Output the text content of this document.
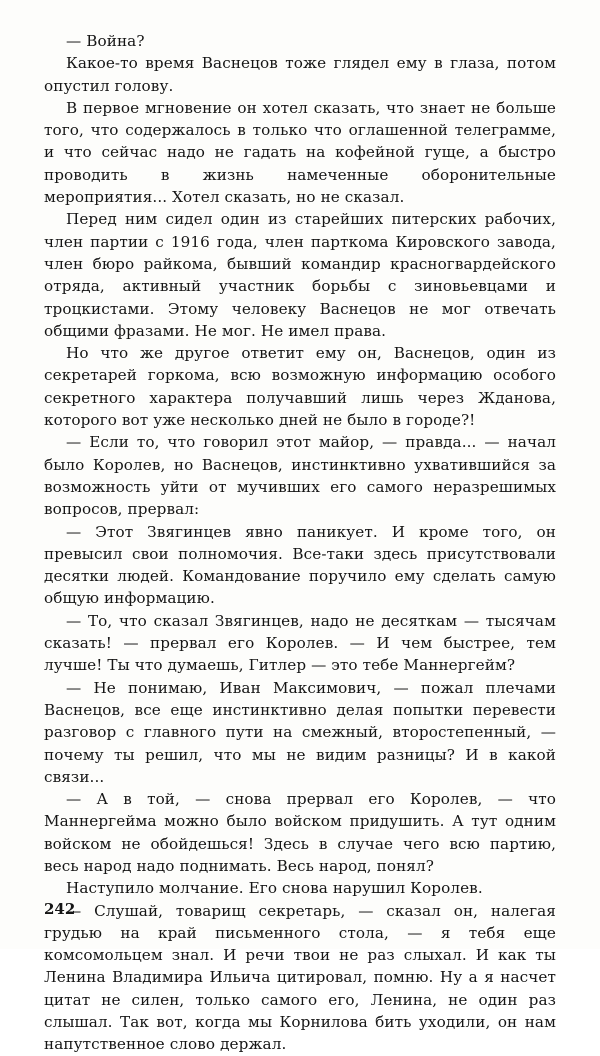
— Война?

Какое-то время Васнецов тоже глядел ему в глаза, потом опустил голову.

В первое мгновение он хотел сказать, что знает не больше того, что содержалось в только что оглашенной телеграмме, и что сейчас надо не гадать на кофейной гуще, а быстро проводить в жизнь намеченные оборонительные мероприятия... Хотел сказать, но не сказал.

Перед ним сидел один из старейших питерских рабочих, член партии с 1916 года, член парткома Кировского завода, член бюро райкома, бывший командир красногвардейского отряда, активный участник борьбы с зиновьевцами и троцкистами. Этому человеку Васнецов не мог отвечать общими фразами. Не мог. Не имел права.

Но что же другое ответит ему он, Васнецов, один из секретарей горкома, всю возможную информацию особого секретного характера получавший лишь через Жданова, которого вот уже несколько дней не было в городе?!

— Если то, что говорил этот майор, — правда... — начал было Королев, но Васнецов, инстинктивно ухватившийся за возможность уйти от мучивших его самого неразрешимых вопросов, прервал:

— Этот Звягинцев явно паникует. И кроме того, он превысил свои полномочия. Все-таки здесь присутствовали десятки людей. Командование поручило ему сделать самую общую информацию.

— То, что сказал Звягинцев, надо не десяткам — тысячам сказать! — прервал его Королев. — И чем быстрее, тем лучше! Ты что думаешь, Гитлер — это тебе Маннергейм?

— Не понимаю, Иван Максимович, — пожал плечами Васнецов, все еще инстинктивно делая попытки перевести разговор с главного пути на смежный, второстепенный, — почему ты решил, что мы не видим разницы? И в какой связи...

— А в той, — снова прервал его Королев, — что Маннергейма можно было войском придушить. А тут одним войском не обойдешься! Здесь в случае чего всю партию, весь народ надо поднимать. Весь народ, понял?

Наступило молчание. Его снова нарушил Королев.

— Слушай, товарищ секретарь, — сказал он, налегая грудью на край письменного стола, — я тебя еще комсомольцем знал. И речи твои не раз слыхал. И как ты Ленина Владимира Ильича цитировал, помню. Ну а я насчет цитат не силен, только самого его, Ленина, не один раз слышал. Так вот, когда мы Корнилова бить уходили, он нам напутственное слово держал.

242
